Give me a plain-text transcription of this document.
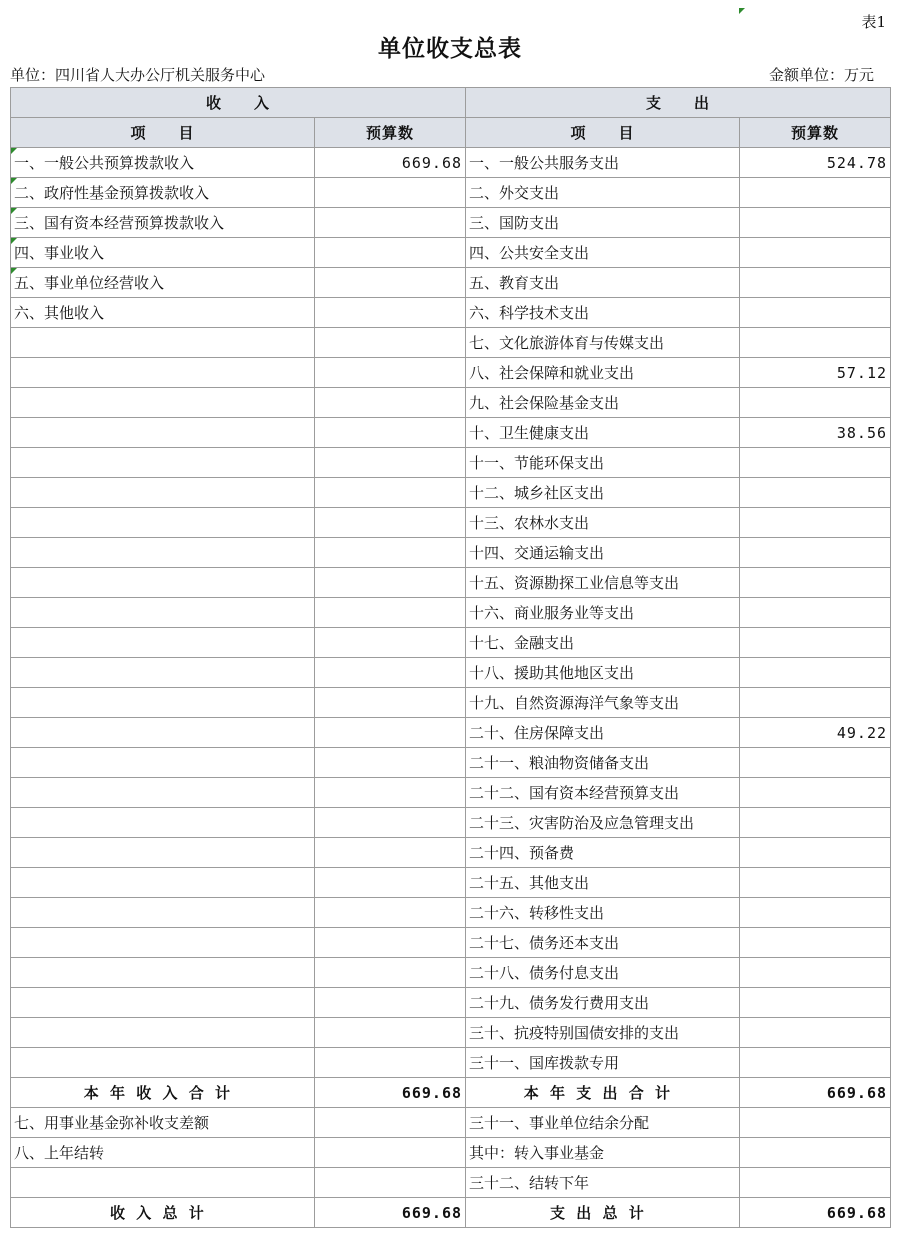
表1
单位收支总表
单位：四川省人大办公厅机关服务中心	金额单位：万元
收　　入		支　　出	
项　　目	预算数	项　　目	预算数
一、一般公共预算拨款收入	669.68	一、一般公共服务支出	524.78
二、政府性基金预算拨款收入		二、外交支出	
三、国有资本经营预算拨款收入		三、国防支出	
四、事业收入		四、公共安全支出	
五、事业单位经营收入		五、教育支出	
六、其他收入		六、科学技术支出	
		七、文化旅游体育与传媒支出	
		八、社会保障和就业支出	57.12
		九、社会保险基金支出	
		十、卫生健康支出	38.56
		十一、节能环保支出	
		十二、城乡社区支出	
		十三、农林水支出	
		十四、交通运输支出	
		十五、资源勘探工业信息等支出	
		十六、商业服务业等支出	
		十七、金融支出	
		十八、援助其他地区支出	
		十九、自然资源海洋气象等支出	
		二十、住房保障支出	49.22
		二十一、粮油物资储备支出	
		二十二、国有资本经营预算支出	
		二十三、灾害防治及应急管理支出	
		二十四、预备费	
		二十五、其他支出	
		二十六、转移性支出	
		二十七、债务还本支出	
		二十八、债务付息支出	
		二十九、债务发行费用支出	
		三十、抗疫特别国债安排的支出	
		三十一、国库拨款专用	
本年收入合计	669.68	本年支出合计	669.68
七、用事业基金弥补收支差额		三十一、事业单位结余分配	
八、上年结转		其中：转入事业基金	
		三十二、结转下年	
收入总计	669.68	支出总计	669.68
